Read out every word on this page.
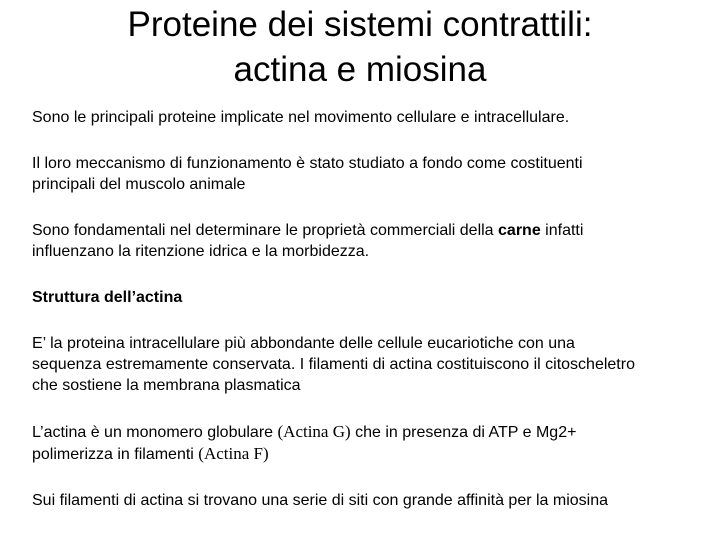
Proteine dei sistemi contrattili:
actina e miosina

Sono le principali proteine implicate nel movimento cellulare e intracellulare.

Il loro meccanismo di funzionamento è stato studiato a fondo come costituenti
principali del muscolo animale

Sono fondamentali nel determinare le proprietà commerciali della carne infatti
influenzano la ritenzione idrica e la morbidezza.

Struttura dell’actina

E’ la proteina intracellulare più abbondante delle cellule eucariotiche con una
sequenza estremamente conservata. I filamenti di actina costituiscono il citoscheletro
che sostiene la membrana plasmatica

L’actina è un monomero globulare (Actina G) che in presenza di ATP e Mg2+
polimerizza in filamenti (Actina F)

Sui filamenti di actina si trovano una serie di siti con grande affinità per la miosina
